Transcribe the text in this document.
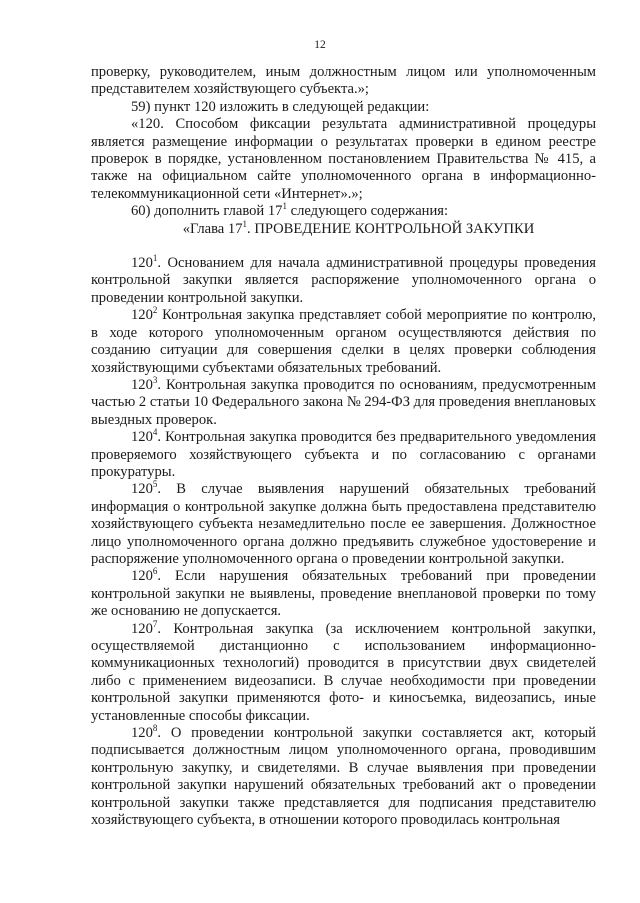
12

проверку, руководителем, иным должностным лицом или уполномоченным представителем хозяйствующего субъекта.»;

59) пункт 120 изложить в следующей редакции:

«120. Способом фиксации результата административной процедуры является размещение информации о результатах проверки в едином реестре проверок в порядке, установленном постановлением Правительства № 415, а также на официальном сайте уполномоченного органа в информационно-телекоммуникационной сети «Интернет».»;

60) дополнить главой $17^1$ следующего содержания:

«Глава $17^1$. ПРОВЕДЕНИЕ КОНТРОЛЬНОЙ ЗАКУПКИ

$120^1$. Основанием для начала административной процедуры проведения контрольной закупки является распоряжение уполномоченного органа о проведении контрольной закупки.

$120^2$ Контрольная закупка представляет собой мероприятие по контролю, в ходе которого уполномоченным органом осуществляются действия по созданию ситуации для совершения сделки в целях проверки соблюдения хозяйствующими субъектами обязательных требований.

$120^3$. Контрольная закупка проводится по основаниям, предусмотренным частью 2 статьи 10 Федерального закона № 294-ФЗ для проведения внеплановых выездных проверок.

$120^4$. Контрольная закупка проводится без предварительного уведомления проверяемого хозяйствующего субъекта и по согласованию с органами прокуратуры.

$120^5$. В случае выявления нарушений обязательных требований информация о контрольной закупке должна быть предоставлена представителю хозяйствующего субъекта незамедлительно после ее завершения. Должностное лицо уполномоченного органа должно предъявить служебное удостоверение и распоряжение уполномоченного органа о проведении контрольной закупки.

$120^6$. Если нарушения обязательных требований при проведении контрольной закупки не выявлены, проведение внеплановой проверки по тому же основанию не допускается.

$120^7$. Контрольная закупка (за исключением контрольной закупки, осуществляемой дистанционно с использованием информационно-коммуникационных технологий) проводится в присутствии двух свидетелей либо с применением видеозаписи. В случае необходимости при проведении контрольной закупки применяются фото- и киносъемка, видеозапись, иные установленные способы фиксации.

$120^8$. О проведении контрольной закупки составляется акт, который подписывается должностным лицом уполномоченного органа, проводившим контрольную закупку, и свидетелями. В случае выявления при проведении контрольной закупки нарушений обязательных требований акт о проведении контрольной закупки также представляется для подписания представителю хозяйствующего субъекта, в отношении которого проводилась контрольная
